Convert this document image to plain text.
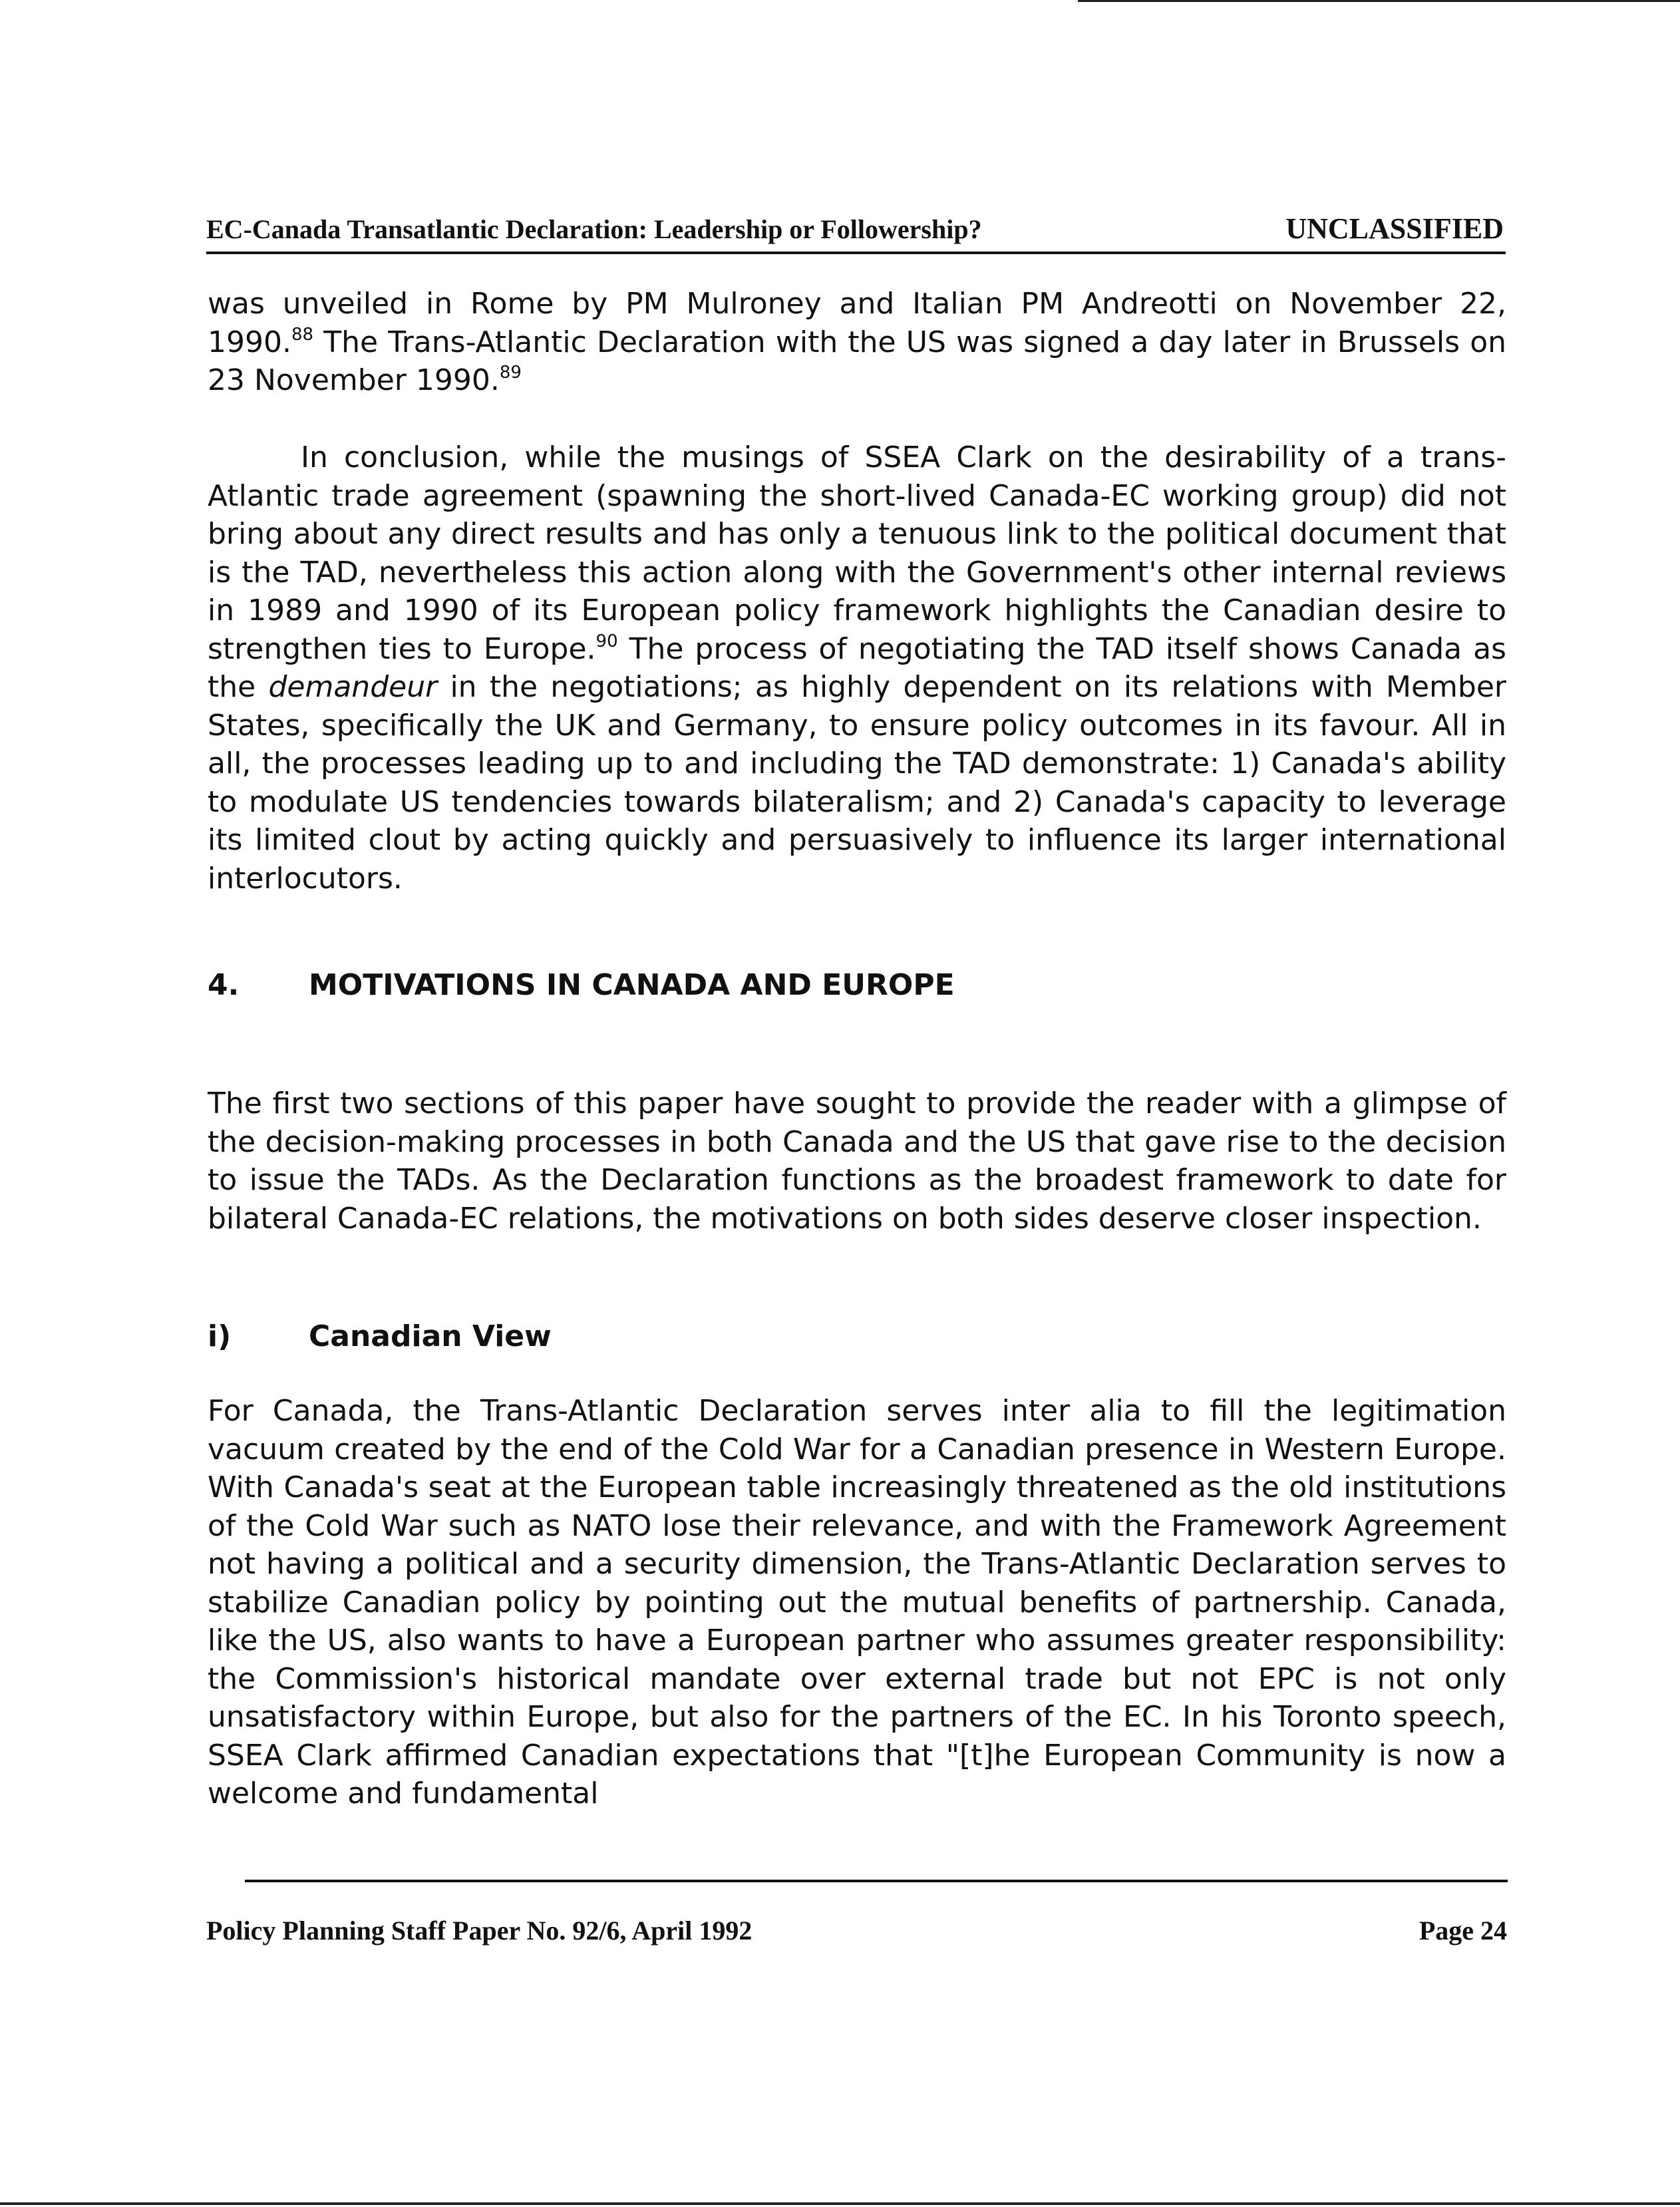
EC-Canada Transatlantic Declaration: Leadership or Followership?	UNCLASSIFIED
was unveiled in Rome by PM Mulroney and Italian PM Andreotti on November 22, 1990.88 The Trans-Atlantic Declaration with the US was signed a day later in Brussels on 23 November 1990.89
In conclusion, while the musings of SSEA Clark on the desirability of a trans-Atlantic trade agreement (spawning the short-lived Canada-EC working group) did not bring about any direct results and has only a tenuous link to the political document that is the TAD, nevertheless this action along with the Government's other internal reviews in 1989 and 1990 of its European policy framework highlights the Canadian desire to strengthen ties to Europe.$^{90}$ The process of negotiating the TAD itself shows Canada as the demandeur in the negotiations; as highly dependent on its relations with Member States, specifically the UK and Germany, to ensure policy outcomes in its favour. All in all, the processes leading up to and including the TAD demonstrate: 1) Canada's ability to modulate US tendencies towards bilateralism; and 2) Canada's capacity to leverage its limited clout by acting quickly and persuasively to influence its larger international interlocutors.
4.	MOTIVATIONS IN CANADA AND EUROPE
The first two sections of this paper have sought to provide the reader with a glimpse of the decision-making processes in both Canada and the US that gave rise to the decision to issue the TADs. As the Declaration functions as the broadest framework to date for bilateral Canada-EC relations, the motivations on both sides deserve closer inspection.
i)	Canadian View
For Canada, the Trans-Atlantic Declaration serves inter alia to fill the legitimation vacuum created by the end of the Cold War for a Canadian presence in Western Europe. With Canada's seat at the European table increasingly threatened as the old institutions of the Cold War such as NATO lose their relevance, and with the Framework Agreement not having a political and a security dimension, the Trans-Atlantic Declaration serves to stabilize Canadian policy by pointing out the mutual benefits of partnership. Canada, like the US, also wants to have a European partner who assumes greater responsibility: the Commission's historical mandate over external trade but not EPC is not only unsatisfactory within Europe, but also for the partners of the EC. In his Toronto speech, SSEA Clark affirmed Canadian expectations that "[t]he European Community is now a welcome and fundamental
Policy Planning Staff Paper No. 92/6, April 1992	Page 24
